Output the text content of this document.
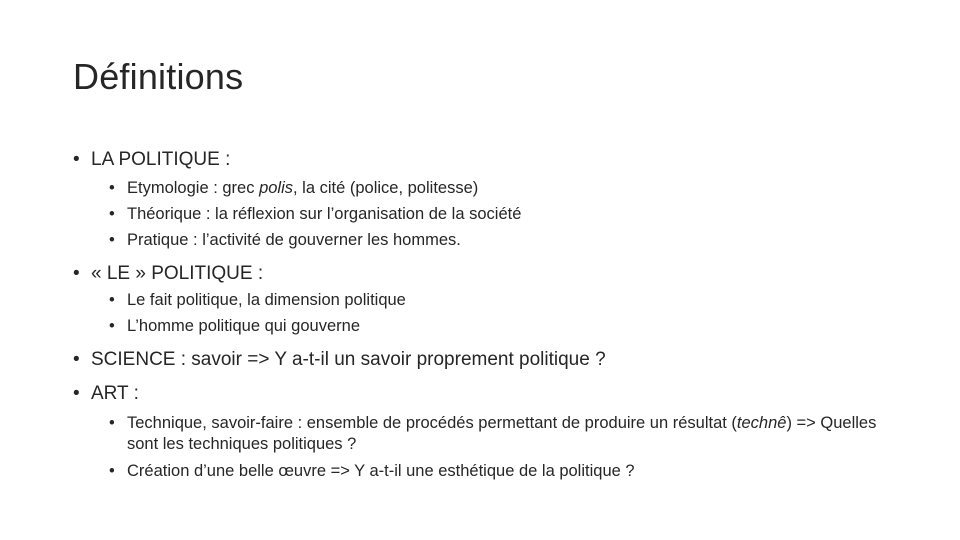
Définitions
• LA POLITIQUE :
• Etymologie : grec polis, la cité (police, politesse)
• Théorique : la réflexion sur l’organisation de la société
• Pratique : l’activité de gouverner les hommes.
• « LE » POLITIQUE :
• Le fait politique, la dimension politique
• L’homme politique qui gouverne
• SCIENCE : savoir => Y a-t-il un savoir proprement politique ?
• ART :
• Technique, savoir-faire : ensemble de procédés permettant de produire un résultat (technê) => Quelles sont les techniques politiques ?
• Création d’une belle œuvre => Y a-t-il une esthétique de la politique ?
